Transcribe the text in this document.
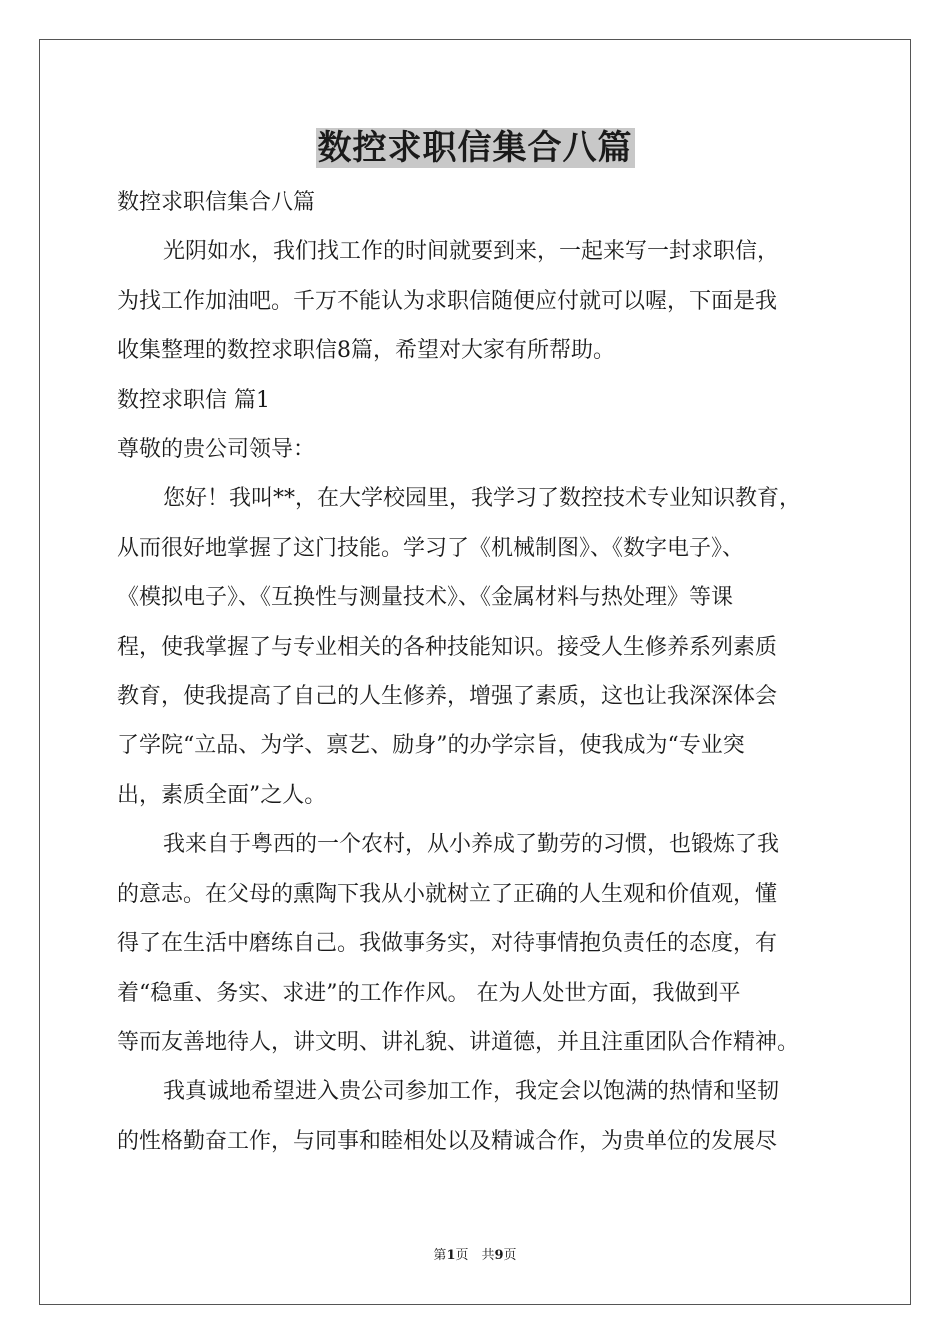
数控求职信集合八篇

数控求职信集合八篇

光阴如水，我们找工作的时间就要到来，一起来写一封求职信，

为找工作加油吧。千万不能认为求职信随便应付就可以喔，下面是我

收集整理的数控求职信8篇，希望对大家有所帮助。

数控求职信 篇1

尊敬的贵公司领导：

您好！我叫**，在大学校园里，我学习了数控技术专业知识教育，

从而很好地掌握了这门技能。学习了《机械制图》、《数字电子》、

《模拟电子》、《互换性与测量技术》、《金属材料与热处理》等课

程，使我掌握了与专业相关的各种技能知识。接受人生修养系列素质

教育，使我提高了自己的人生修养，增强了素质，这也让我深深体会

了学院“立品、为学、禀艺、励身”的办学宗旨，使我成为“专业突

出，素质全面”之人。

我来自于粤西的一个农村，从小养成了勤劳的习惯，也锻炼了我

的意志。在父母的熏陶下我从小就树立了正确的人生观和价值观，懂

得了在生活中磨练自己。我做事务实，对待事情抱负责任的态度，有

着“稳重、务实、求进”的工作作风。 在为人处世方面，我做到平

等而友善地待人，讲文明、讲礼貌、讲道德，并且注重团队合作精神。

我真诚地希望进入贵公司参加工作，我定会以饱满的热情和坚韧

的性格勤奋工作，与同事和睦相处以及精诚合作，为贵单位的发展尽

第1页　共9页
